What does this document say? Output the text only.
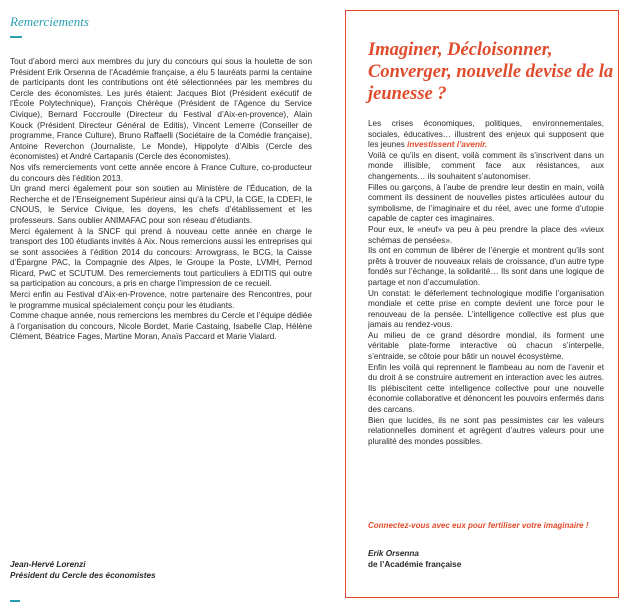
Remerciements

Tout d’abord merci aux membres du jury du concours qui sous la houlette de son Président Erik Orsenna de l’Académie française, a élu 5 lauréats parmi la centaine de participants dont les contributions ont été sélectionnées par les membres du Cercle des économistes. Les jurés étaient: Jacques Biot (Président exécutif de l’École Polytechnique), François Chérèque (Président de l’Agence du Service Civique), Bernard Foccroulle (Directeur du Festival d’Aix-en-provence), Alain Kouck (Président Directeur Général de Editis), Vincent Lemerre (Conseiller de programme, France Culture), Bruno Raffaelli (Sociétaire de la Comédie française), Antoine Reverchon (Journaliste, Le Monde), Hippolyte d’Albis (Cercle des économistes) et André Cartapanis (Cercle des économistes).

Nos vifs remerciements vont cette année encore à France Culture, co-producteur du concours dès l’édition 2013.

Un grand merci également pour son soutien au Ministère de l’Éducation, de la Recherche et de l’Enseignement Supérieur ainsi qu’à la CPU, la CGE, la CDEFI, le CNOUS, le Service Civique, les doyens, les chefs d’établissement et les professeurs. Sans oublier ANIMAFAC pour son réseau d’étudiants.

Merci également à la SNCF qui prend à nouveau cette année en charge le transport des 100 étudiants invités à Aix. Nous remercions aussi les entreprises qui se sont associées à l’édition 2014 du concours: Arrowgrass, le BCG, la Caisse d’Épargne PAC, la Compagnie des Alpes, le Groupe la Poste, LVMH, Pernod Ricard, PwC et SCUTUM. Des remerciements tout particuliers à EDITIS qui outre sa participation au concours, a pris en charge l’impression de ce recueil.

Merci enfin au Festival d’Aix-en-Provence, notre partenaire des Rencontres, pour le programme musical spécialement conçu pour les étudiants.

Comme chaque année, nous remercions les membres du Cercle et l’équipe dédiée à l’organisation du concours, Nicole Bordet, Marie Castaing, Isabelle Clap, Hélène Clément, Béatrice Fages, Martine Moran, Anaïs Paccard et Marie Vialard.

Jean-Hervé Lorenzi
Président du Cercle des économistes
Imaginer, Décloisonner, Converger, nouvelle devise de la jeunesse ?

Les crises économiques, politiques, environnementales, sociales, éducatives… illustrent des enjeux qui supposent que les jeunes investissent l’avenir.

Voilà ce qu’ils en disent, voilà comment ils s’inscrivent dans un monde illisible, comment face aux résistances, aux changements… ils souhaitent s’autonomiser.

Filles ou garçons, à l’aube de prendre leur destin en main, voilà comment ils dessinent de nouvelles pistes articulées autour du symbolisme, de l’imaginaire et du réel, avec une forme d’utopie capable de capter ces imaginaires.

Pour eux, le «neuf» va peu à peu prendre la place des «vieux schémas de pensées».

Ils ont en commun de libérer de l’énergie et montrent qu’ils sont prêts à trouver de nouveaux relais de croissance, d’un autre type fondés sur l’échange, la solidarité… Ils sont dans une logique de partage et non d’accumulation.

Un constat: le déferlement technologique modifie l’organisation mondiale et cette prise en compte devient une force pour le renouveau de la pensée. L’intelligence collective est plus que jamais au rendez-vous.

Au milieu de ce grand désordre mondial, ils forment une véritable plate-forme interactive où chacun s’interpelle, s’entraide, se côtoie pour bâtir un nouvel écosystème.

Enfin les voilà qui reprennent le flambeau au nom de l’avenir et du droit à se construire autrement en interaction avec les autres. Ils plébiscitent cette intelligence collective pour une nouvelle économie collaborative et dénoncent les pouvoirs enfermés dans des carcans.

Bien que lucides, ils ne sont pas pessimistes car les valeurs relationnelles dominent et agrègent d’autres valeurs pour une pluralité des mondes possibles.

Connectez-vous avec eux pour fertiliser votre imaginaire !
Erik Orsenna
de l’Académie française
